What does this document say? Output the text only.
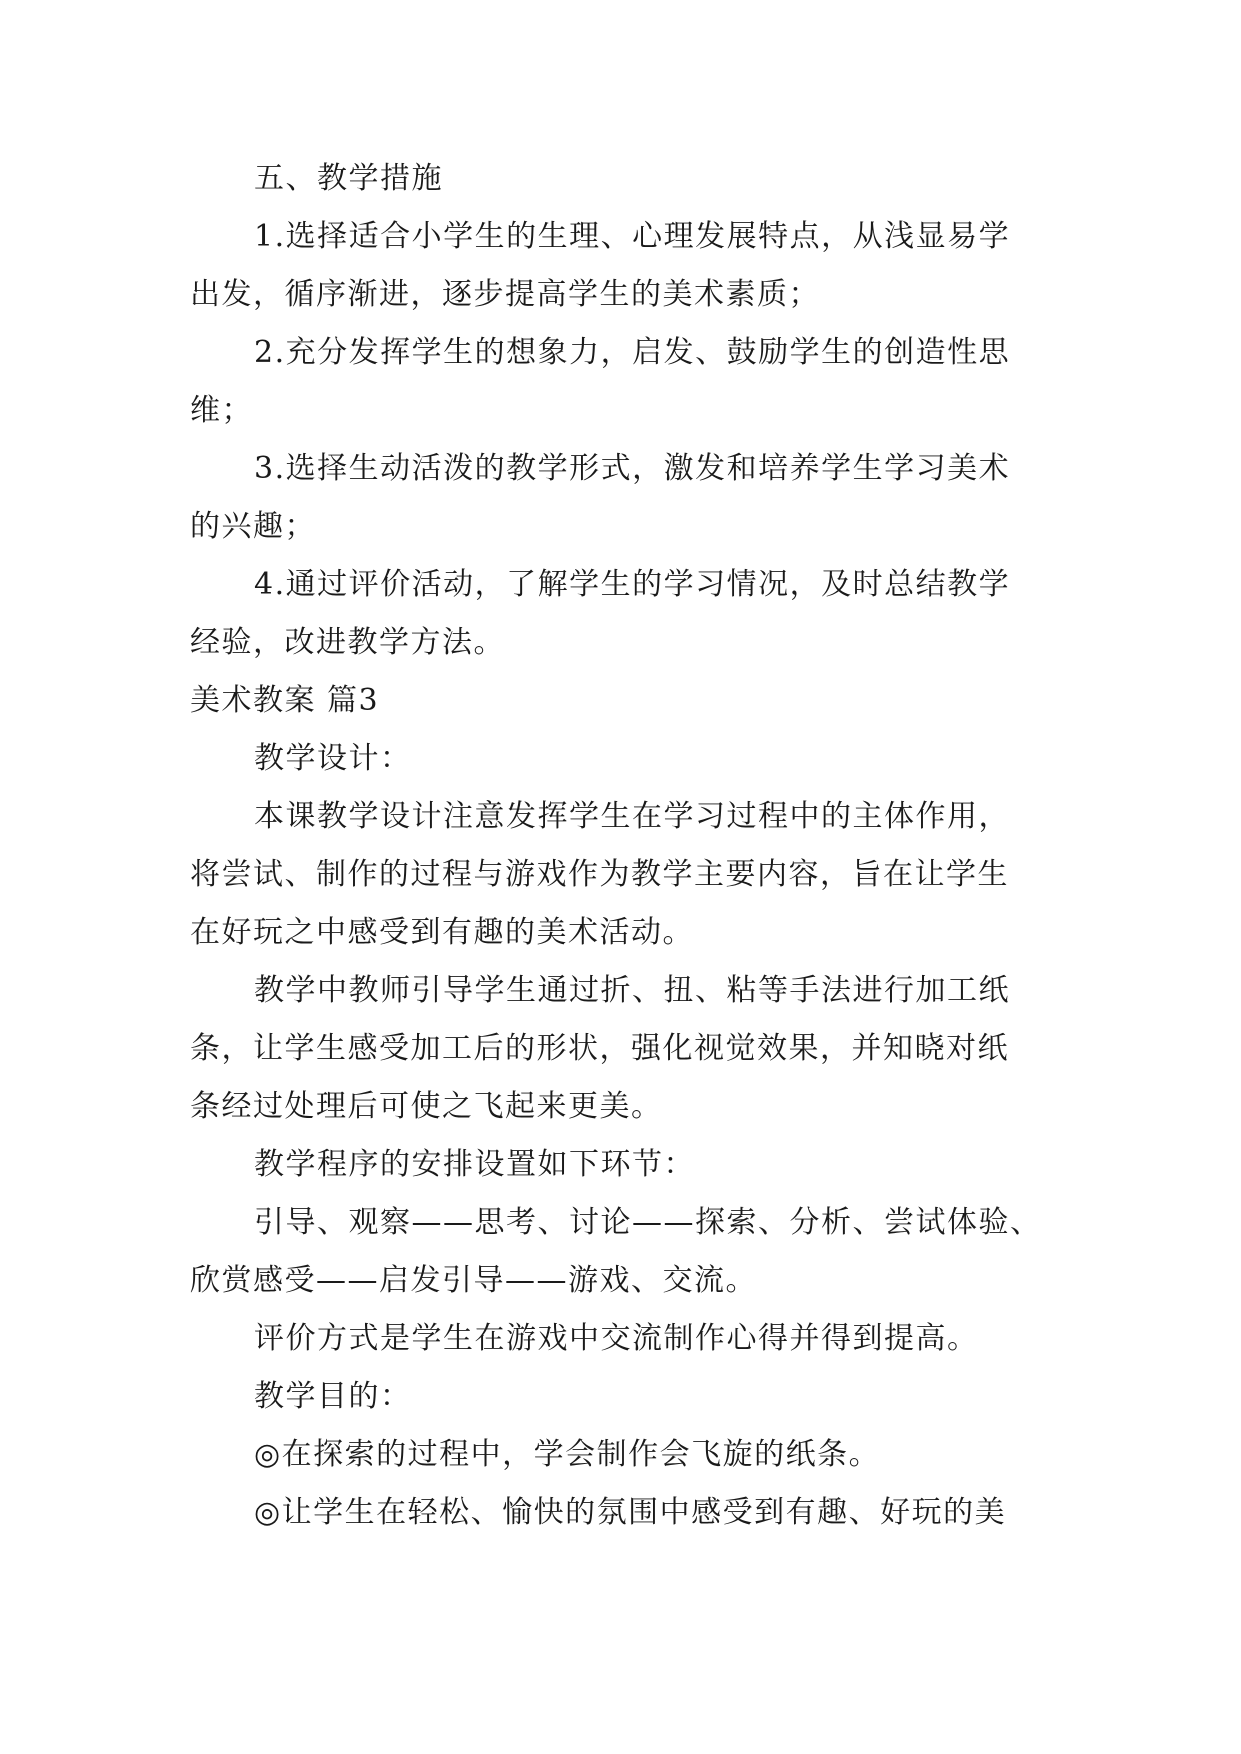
五、教学措施
1.选择适合小学生的生理、心理发展特点，从浅显易学
出发，循序渐进，逐步提高学生的美术素质；
2.充分发挥学生的想象力，启发、鼓励学生的创造性思
维；
3.选择生动活泼的教学形式，激发和培养学生学习美术
的兴趣；
4.通过评价活动，了解学生的学习情况，及时总结教学
经验，改进教学方法。
美术教案 篇3
教学设计：
本课教学设计注意发挥学生在学习过程中的主体作用，
将尝试、制作的过程与游戏作为教学主要内容，旨在让学生
在好玩之中感受到有趣的美术活动。
教学中教师引导学生通过折、扭、粘等手法进行加工纸
条，让学生感受加工后的形状，强化视觉效果，并知晓对纸
条经过处理后可使之飞起来更美。
教学程序的安排设置如下环节：
引导、观察——思考、讨论——探索、分析、尝试体验、
欣赏感受——启发引导——游戏、交流。
评价方式是学生在游戏中交流制作心得并得到提高。
教学目的：
◎在探索的过程中，学会制作会飞旋的纸条。
◎让学生在轻松、愉快的氛围中感受到有趣、好玩的美
